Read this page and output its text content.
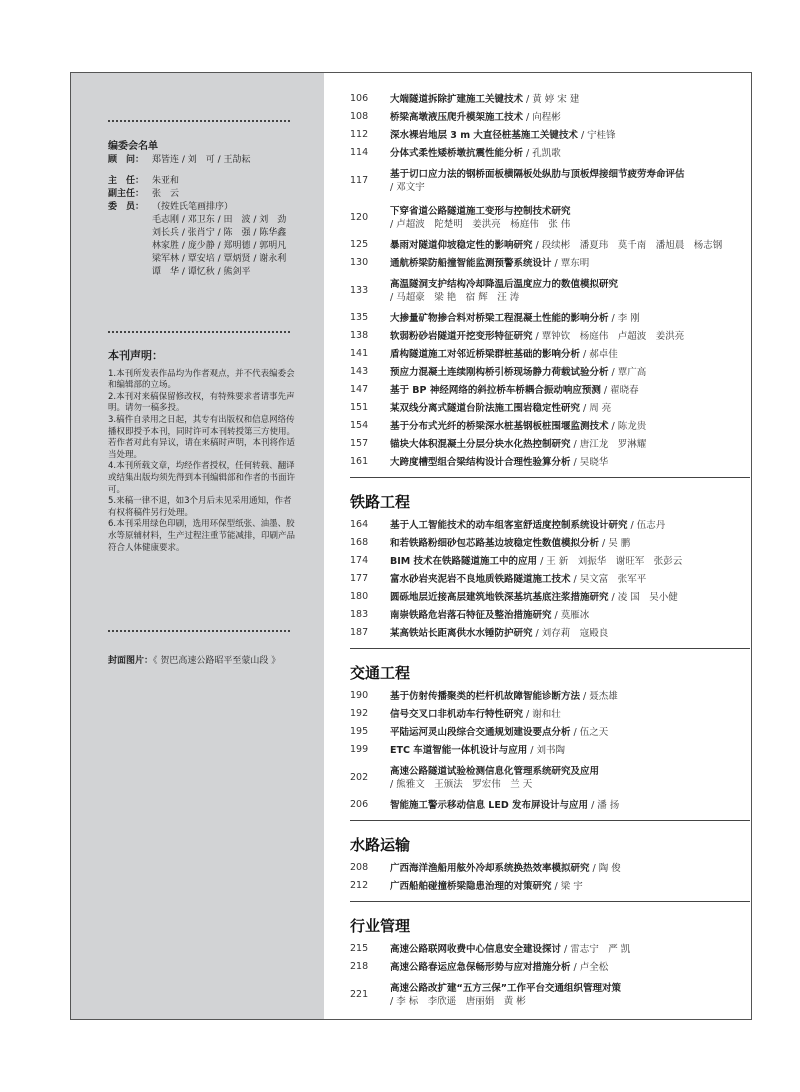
编委会名单
顾　问： 郑皆连 / 刘　可 / 王劼耘
主　任： 朱亚和
副主任： 张　云
委　员： （按姓氏笔画排序）
毛志刚 / 邓卫东 / 田　波 / 刘　劲
刘长兵 / 张肖宁 / 陈　强 / 陈华鑫
林家胜 / 庞少静 / 郑明德 / 郭明凡
梁军林 / 覃安培 / 覃炳贤 / 谢永利
谭　华 / 谭忆秋 / 熊剑平
本刊声明：
1.本刊所发表作品均为作者观点，并不代表编委会和编辑部的立场。
2.本刊对来稿保留修改权，有特殊要求者请事先声明。请勿一稿多投。
3.稿件自录用之日起，其专有出版权和信息网络传播权即授予本刊，同时许可本刊转授第三方使用。若作者对此有异议，请在来稿时声明，本刊将作适当处理。
4.本刊所载文章，均经作者授权，任何转载、翻译或结集出版均须先得到本刊编辑部和作者的书面许可。
5.来稿一律不退，如3个月后未见采用通知，作者有权将稿件另行处理。
6.本刊采用绿色印刷，选用环保型纸张、油墨、胶水等原辅材料，生产过程注重节能减排，印刷产品符合人体健康要求。
封面图片：《 贺巴高速公路昭平至蒙山段 》
106	大端隧道拆除扩建施工关键技术 / 黄 婷 宋 建
108	桥梁高墩液压爬升模架施工技术 / 向程彬
112	深水裸岩地层 3 m 大直径桩基施工关键技术 / 宁桂锋
114	分体式柔性矮桥墩抗震性能分析 / 孔凯歌
117
基于切口应力法的钢桥面板横隔板处纵肋与顶板焊接细节疲劳寿命评估
/ 邓文宇
120
下穿省道公路隧道施工变形与控制技术研究
/ 卢超波　陀楚明　姜洪亮　杨庭伟　张 伟
125	暴雨对隧道仰坡稳定性的影响研究 / 段续彬　潘夏玮　莫千南　潘旭晨　杨志钢
130	通航桥梁防船撞智能监测预警系统设计 / 覃东明
133
高温隧洞支护结构冷却降温后温度应力的数值模拟研究
/ 马超豪　梁 艳　宿 辉　汪 涛
135	大掺量矿物掺合料对桥梁工程混凝土性能的影响分析 / 李 刚
138	软弱粉砂岩隧道开挖变形特征研究 / 覃钟钦　杨庭伟　卢超波　姜洪亮
141	盾构隧道施工对邻近桥梁群桩基础的影响分析 / 郝卓佳
143	预应力混凝土连续刚构桥引桥现场静力荷载试验分析 / 覃广高
147	基于 BP 神经网络的斜拉桥车桥耦合振动响应预测 / 翟晓春
151	某双线分离式隧道台阶法施工围岩稳定性研究 / 周 亮
154	基于分布式光纤的桥梁深水桩基钢板桩围堰监测技术 / 陈龙贵
157	锚块大体积混凝土分层分块水化热控制研究 / 唐江龙　罗淋耀
161	大跨度槽型组合梁结构设计合理性验算分析 / 吴晓华
铁路工程
164	基于人工智能技术的动车组客室舒适度控制系统设计研究 / 伍志丹
168	和若铁路粉细砂包芯路基边坡稳定性数值模拟分析 / 吴 鹏
174	BIM 技术在铁路隧道施工中的应用 / 王 新　刘振华　谢旺军　张彭云
177	富水砂岩夹泥岩不良地质铁路隧道施工技术 / 吴文富　张军平
180	圆砾地层近接高层建筑地铁深基坑基底注浆措施研究 / 凌 国　吴小健
183	南崇铁路危岩落石特征及整治措施研究 / 莫雁冰
187	某高铁站长距离供水水锤防护研究 / 刘存莉　寇殿良
交通工程
190	基于仿射传播聚类的栏杆机故障智能诊断方法 / 聂杰雄
192	信号交叉口非机动车行特性研究 / 谢和壮
195	平陆运河灵山段综合交通规划建设要点分析 / 伍之天
199	ETC 车道智能一体机设计与应用 / 刘书陶
202
高速公路隧道试验检测信息化管理系统研究及应用
/ 熊雅文　王颁法　罗宏伟　兰 天
206	智能施工警示移动信息 LED 发布屏设计与应用 / 潘 扬
水路运输
208	广西海洋渔船用舷外冷却系统换热效率模拟研究 / 陶 俊
212	广西船舶碰撞桥梁隐患治理的对策研究 / 梁 宇
行业管理
215	高速公路联网收费中心信息安全建设探讨 / 雷志宁　严 凯
218	高速公路春运应急保畅形势与应对措施分析 / 卢全松
221
高速公路改扩建“五方三保”工作平台交通组织管理对策
/ 李 标　李欣遥　唐丽娟　黄 彬
